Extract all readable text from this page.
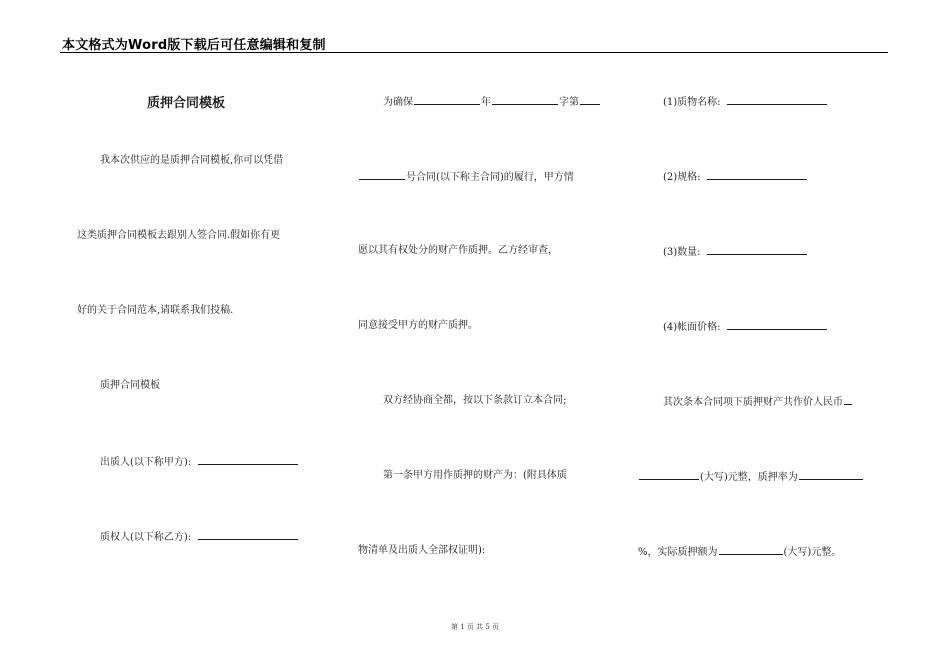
本文格式为Word版下载后可任意编辑和复制
质押合同模板
我本次供应的是质押合同模板,你可以凭借
这类质押合同模板去跟别人签合同.假如你有更
好的关于合同范本,请联系我们投稿.
质押合同模板
出质人(以下称甲方):
质权人(以下称乙方):
为确保	年	字第
号合同(以下称主合同)的履行，甲方情
愿以其有权处分的财产作质押。乙方经审查，
同意接受甲方的财产质押。
双方经协商全都，按以下条款订立本合同;
第一条甲方用作质押的财产为：(附具体质
物清单及出质人全部权证明):
(1)质物名称:
(2)规格:
(3)数量:
(4)帐面价格:
其次条本合同项下质押财产共作价人民币
(大写)元整，质押率为
%，实际质押额为	(大写)元整。
第 1 页 共 5 页
